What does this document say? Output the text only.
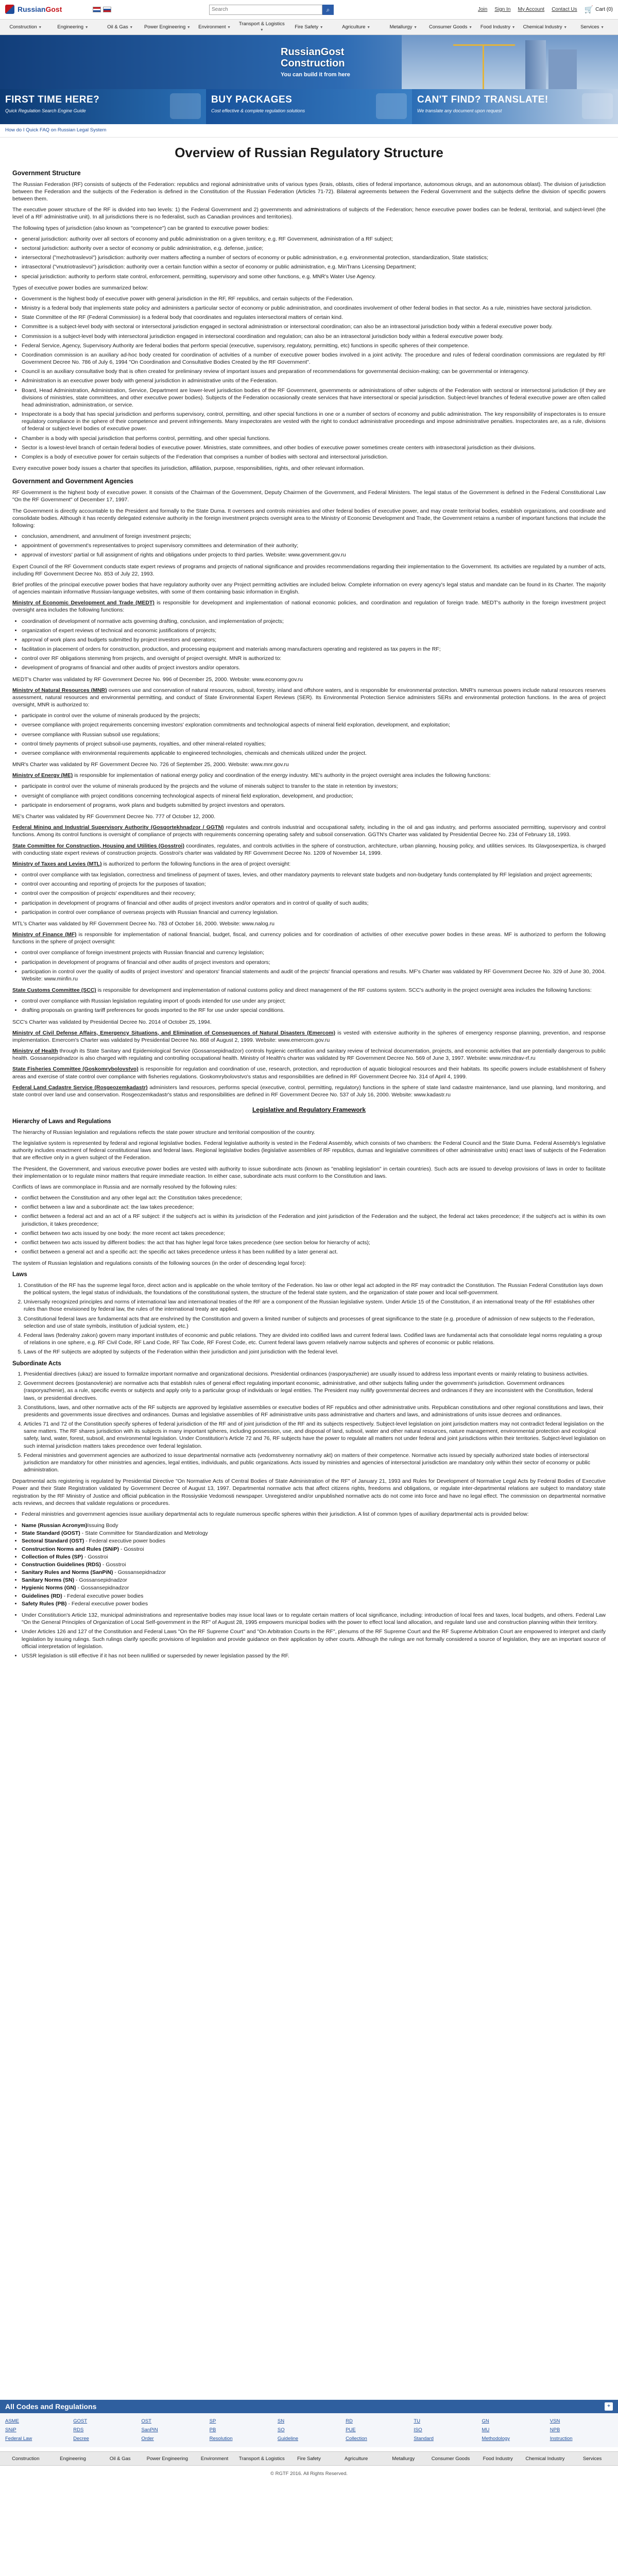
RussianGost
Search	⌕	Join Sign In My Account Contact Us 🛒 Cart (0)
Construction ▼	Engineering ▼	Oil & Gas ▼	Power Engineering ▼	Environment ▼
Transport & Logistics ▼
Fire Safety ▼	Agriculture ▼	Metallurgy ▼	Consumer Goods ▼	Food Industry ▼	Chemical Industry ▼	Services ▼
RussianGost
Construction
You can build it from here
FIRST TIME HERE?
Quick Regulation Search Engine Guide
BUY PACKAGES
Cost effective & complete regulation solutions
CAN'T FIND? TRANSLATE!
We translate any document upon request
How do I Quick FAQ on Russian Legal System
Overview of Russian Regulatory Structure
Government Structure

The Russian Federation (RF) consists of subjects of the Federation: republics and regional administrative units of various types (krais, oblasts, cities of federal importance, autonomous okrugs, and an autonomous oblast). The division of jurisdiction between the Federation and the subjects of the Federation is defined in the Constitution of the Russian Federation (Articles 71-72). Bilateral agreements between the Federal Government and the subjects define the division of specific powers between them.

The executive power structure of the RF is divided into two levels: 1) the Federal Government and 2) governments and administrations of subjects of the Federation; hence executive power bodies can be federal, territorial, and subject-level (the level of a RF administrative unit). In all jurisdictions there is no federalist, such as Canadian provinces and territories).

The following types of jurisdiction (also known as "competence") can be granted to executive power bodies:

• general jurisdiction: authority over all sectors of economy and public administration on a given territory, e.g. RF Government, administration of a RF subject;
• sectoral jurisdiction: authority over a sector of economy or public administration, e.g. defense, justice;
• intersectoral ("mezhotraslevoi") jurisdiction: authority over matters affecting a number of sectors of economy or public administration, e.g. environmental protection, standardization, State statistics;
• intrasectoral ("vnutriotraslevoi") jurisdiction: authority over a certain function within a sector of economy or public administration, e.g. MinTrans Licensing Department;
• special jurisdiction: authority to perform state control, enforcement, permitting, supervisory and some other functions, e.g. MNR's Water Use Agency.

Types of executive power bodies are summarized below:

• Government is the highest body of executive power with general jurisdiction in the RF, RF republics, and certain subjects of the Federation.
• Ministry is a federal body that implements state policy and administers a particular sector of economy or public administration, and coordinates involvement of other federal bodies in that sector. As a rule, ministries have sectoral jurisdiction.
• State Committee of the RF (Federal Commission) is a federal body that coordinates and regulates intersectoral matters of certain kind.
• Committee is a subject-level body with sectoral or intersectoral jurisdiction engaged in sectoral administration or intersectoral coordination; can also be an intrasectoral jurisdiction body within a federal executive power body.
• Commission is a subject-level body with intersectoral jurisdiction engaged in intersectoral coordination and regulation; can also be an intrasectoral jurisdiction body within a federal executive power body.
• Federal Service, Agency, Supervisory Authority are federal bodies that perform special (executive, supervisory, regulatory, permitting, etc) functions in specific spheres of their competence.
• Coordination commission is an auxiliary ad-hoc body created for coordination of activities of a number of executive power bodies involved in a joint activity. The procedure and rules of federal coordination commissions are regulated by RF Government Decree No. 786 of July 6, 1994 "On Coordination and Consultative Bodies Created by the RF Government".
• Council is an auxiliary consultative body that is often created for preliminary review of important issues and preparation of recommendations for governmental decision-making; can be governmental or interagency.
• Administration is an executive power body with general jurisdiction in administrative units of the Federation.
• Board, Head Administration, Administration, Service, Department are lower-level jurisdiction bodies of the RF Government, governments or administrations of other subjects of the Federation with sectoral or intersectoral jurisdiction (if they are divisions of ministries, state committees, and other executive power bodies). Subjects of the Federation occasionally create services that have intersectoral or special jurisdiction. Subject-level branches of federal executive power are often called head administration, administration, or service.
• Inspectorate is a body that has special jurisdiction and performs supervisory, control, permitting, and other special functions in one or a number of sectors of economy and public administration. The key responsibility of inspectorates is to ensure regulatory compliance in the sphere of their competence and prevent infringements. Many inspectorates are vested with the right to conduct administrative proceedings and impose administrative penalties. Inspectorates are, as a rule, divisions of federal or subject-level bodies of executive power.
• Chamber is a body with special jurisdiction that performs control, permitting, and other special functions.
• Sector is a lowest-level branch of certain federal bodies of executive power. Ministries, state committees, and other bodies of executive power sometimes create centers with intrasectoral jurisdiction as their divisions.
• Complex is a body of executive power for certain subjects of the Federation that comprises a number of bodies with sectoral and intersectoral jurisdiction.

Every executive power body issues a charter that specifies its jurisdiction, affiliation, purpose, responsibilities, rights, and other relevant information.

Government and Government Agencies

RF Government is the highest body of executive power. It consists of the Chairman of the Government, Deputy Chairmen of the Government, and Federal Ministers. The legal status of the Government is defined in the Federal Constitutional Law "On the RF Government" of December 17, 1997.

The Government is directly accountable to the President and formally to the State Duma. It oversees and controls ministries and other federal bodies of executive power, and may create territorial bodies, establish organizations, and coordinate and consolidate bodies. Although it has recently delegated extensive authority in the foreign investment projects oversight area to the Ministry of Economic Development and Trade, the Government retains a number of important functions that include the following:

• conclusion, amendment, and annulment of foreign investment projects;
• appointment of government's representatives to project supervisory committees and determination of their authority;
• approval of investors' partial or full assignment of rights and obligations under projects to third parties. Website: www.government.gov.ru

Expert Council of the RF Government conducts state expert reviews of programs and projects of national significance and provides recommendations regarding their implementation to the Government. Its activities are regulated by a number of acts, including RF Government Decree No. 853 of July 22, 1993.

Brief profiles of the principal executive power bodies that have regulatory authority over any Project permitting activities are included below. Complete information on every agency's legal status and mandate can be found in its Charter. The majority of agencies maintain informative Russian-language websites, with some of them containing basic information in English.

Ministry of Economic Development and Trade (MEDT) is responsible for development and implementation of national economic policies, and coordination and regulation of foreign trade. MEDT's authority in the foreign investment project oversight area includes the following functions:

• coordination of development of normative acts governing drafting, conclusion, and implementation of projects;
• organization of expert reviews of technical and economic justifications of projects;
• approval of work plans and budgets submitted by project investors and operators;
• facilitation in placement of orders for construction, production, and processing equipment and materials among manufacturers operating and registered as tax payers in the RF;
• control over RF obligations stemming from projects, and oversight of project oversight. MNR is authorized to:
• development of programs of financial and other audits of project investors and/or operators.

MEDT's Charter was validated by RF Government Decree No. 996 of December 25, 2000. Website: www.economy.gov.ru

Ministry of Natural Resources (MNR) oversees use and conservation of natural resources, subsoil, forestry, inland and offshore waters, and is responsible for environmental protection. MNR's numerous powers include natural resources reserves assessment, natural resources and environmental permitting, and conduct of State Environmental Expert Reviews (SER). Its Environmental Protection Service administers SERs and environmental protection functions. In the area of project oversight, MNR is authorized to:

• participate in control over the volume of minerals produced by the projects;
• oversee compliance with project requirements concerning investors' exploration commitments and technological aspects of mineral field exploration, development, and exploitation;
• oversee compliance with Russian subsoil use regulations;
• control timely payments of project subsoil-use payments, royalties, and other mineral-related royalties;
• oversee compliance with environmental requirements applicable to engineered technologies, chemicals and chemicals utilized under the project.

MNR's Charter was validated by RF Government Decree No. 726 of September 25, 2000. Website: www.mnr.gov.ru

Ministry of Energy (ME) is responsible for implementation of national energy policy and coordination of the energy industry. ME's authority in the project oversight area includes the following functions:

• participate in control over the volume of minerals produced by the projects and the volume of minerals subject to transfer to the state in retention by investors;
• oversight of compliance with project conditions concerning technological aspects of mineral field exploration, development, and production;
• participate in endorsement of programs, work plans and budgets submitted by project investors and operators.

ME's Charter was validated by RF Government Decree No. 777 of October 12, 2000.

Federal Mining and Industrial Supervisory Authority (Gosgortekhnadzor / GGTN) regulates and controls industrial and occupational safety, including in the oil and gas industry, and performs associated permitting, supervisory and control functions. Among its control functions is oversight of compliance of projects with requirements concerning operating safety and subsoil conservation. GGTN's Charter was validated by Presidential Decree No. 234 of February 18, 1993.

State Committee for Construction, Housing and Utilities (Gosstroi) coordinates, regulates, and controls activities in the sphere of construction, architecture, urban planning, housing policy, and utilities services. Its Glavgosexpertiza, is charged with conducting state expert reviews of construction projects. Gosstroi's charter was validated by RF Government Decree No. 1209 of November 14, 1999.

Ministry of Taxes and Levies (MTL) is authorized to perform the following functions in the area of project oversight:

• control over compliance with tax legislation, correctness and timeliness of payment of taxes, levies, and other mandatory payments to relevant state budgets and non-budgetary funds contemplated by RF legislation and project agreements;
• control over accounting and reporting of projects for the purposes of taxation;
• control over the composition of projects' expenditures and their recovery;
• participation in development of programs of financial and other audits of project investors and/or operators and in control of quality of such audits;
• participation in control over compliance of overseas projects with Russian financial and currency legislation.

MTL's Charter was validated by RF Government Decree No. 783 of October 16, 2000. Website: www.nalog.ru

Ministry of Finance (MF) is responsible for implementation of national financial, budget, fiscal, and currency policies and for coordination of activities of other executive power bodies in these areas. MF is authorized to perform the following functions in the sphere of project oversight:

• control over compliance of foreign investment projects with Russian financial and currency legislation;
• participation in development of programs of financial and other audits of project investors and operators;
• participation in control over the quality of audits of project investors' and operators' financial statements and audit of the projects' financial operations and results. MF's Charter was validated by RF Government Decree No. 329 of June 30, 2004. Website: www.minfin.ru

State Customs Committee (SCC) is responsible for development and implementation of national customs policy and direct management of the RF customs system. SCC's authority in the project oversight area includes the following functions:

• control over compliance with Russian legislation regulating import of goods intended for use under any project;
• drafting proposals on granting tariff preferences for goods imported to the RF for use under special conditions.

SCC's Charter was validated by Presidential Decree No. 2014 of October 25, 1994.

Ministry of Civil Defense Affairs, Emergency Situations, and Elimination of Consequences of Natural Disasters (Emercom) is vested with extensive authority in the spheres of emergency response planning, prevention, and response implementation. Emercom's Charter was validated by Presidential Decree No. 868 of August 2, 1999. Website: www.emercom.gov.ru

Ministry of Health through its State Sanitary and Epidemiological Service (Gossansepidnadzor) controls hygienic certification and sanitary review of technical documentation, projects, and economic activities that are potentially dangerous to public health. Gossansepidnadzor is also charged with regulating and controlling occupational health. Ministry of Health's charter was validated by RF Government Decree No. 569 of June 3, 1997. Website: www.minzdrav-rf.ru

State Fisheries Committee (Goskomrybolovstvo) is responsible for regulation and coordination of use, research, protection, and reproduction of aquatic biological resources and their habitats. Its specific powers include establishment of fishery areas and exercise of state control over compliance with fisheries regulations. Goskomrybolovstvo's status and responsibilities are defined in RF Government Decree No. 314 of April 4, 1999.

Federal Land Cadastre Service (Rosgeozemkadastr) administers land resources, performs special (executive, control, permitting, regulatory) functions in the sphere of state land cadastre maintenance, land use planning, land monitoring, and state control over land use and conservation. Rosgeozemkadastr's status and responsibilities are defined in RF Government Decree No. 537 of July 16, 2000. Website: www.kadastr.ru

Legislative and Regulatory Framework
Hierarchy of Laws and Regulations

The hierarchy of Russian legislation and regulations reflects the state power structure and territorial composition of the country.

The legislative system is represented by federal and regional legislative bodies. Federal legislative authority is vested in the Federal Assembly, which consists of two chambers: the Federal Council and the State Duma. Federal Assembly's legislative authority includes enactment of federal constitutional laws and federal laws. Regional legislative bodies (legislative assemblies of RF republics, dumas and legislative committees of other administrative units) enact laws of subjects of the Federation that are effective only in a given subject of the Federation.

The President, the Government, and various executive power bodies are vested with authority to issue subordinate acts (known as "enabling legislation" in certain countries). Such acts are issued to develop provisions of laws in order to facilitate their implementation or to regulate minor matters that require immediate reaction. In either case, subordinate acts must conform to the Constitution and laws.

Conflicts of laws are commonplace in Russia and are normally resolved by the following rules:

• conflict between the Constitution and any other legal act: the Constitution takes precedence;
• conflict between a law and a subordinate act: the law takes precedence;
• conflict between a federal act and an act of a RF subject: if the subject's act is within its jurisdiction of the Federation and joint jurisdiction of the Federation and the subject, the federal act takes precedence; if the subject's act is within its own jurisdiction, it takes precedence;
• conflict between two acts issued by one body: the more recent act takes precedence;
• conflict between two acts issued by different bodies: the act that has higher legal force takes precedence (see section below for hierarchy of acts);
• conflict between a general act and a specific act: the specific act takes precedence unless it has been nullified by a later general act.

The system of Russian legislation and regulations consists of the following sources (in the order of descending legal force):

Laws
1. Constitution of the RF has the supreme legal force, direct action and is applicable on the whole territory of the Federation. No law or other legal act adopted in the RF may contradict the Constitution. The Russian Federal Constitution lays down the political system, the legal status of individuals, the foundations of the constitutional system, the structure of the federal state system, and the organization of state power and local self-government.
2. Universally recognized principles and norms of international law and international treaties of the RF are a component of the Russian legislative system. Under Article 15 of the Constitution, if an international treaty of the RF establishes other rules than those envisioned by federal law, the rules of the international treaty are applied.
3. Constitutional federal laws are fundamental acts that are enshrined by the Constitution and govern a limited number of subjects and processes of great significance to the state (e.g. procedure of admission of new subjects to the Federation, selection and use of state symbols, institution of judicial system, etc.)
4. Federal laws (federalny zakon) govern many important institutes of economic and public relations. They are divided into codified laws and current federal laws. Codified laws are fundamental acts that consolidate legal norms regulating a group of relations in one sphere, e.g. RF Civil Code, RF Land Code, RF Tax Code, RF Forest Code, etc. Current federal laws govern relatively narrow subjects and spheres of economic or public relations.
5. Laws of the RF subjects are adopted by subjects of the Federation within their jurisdiction and joint jurisdiction with the federal level.
Subordinate Acts
1. Presidential directives (ukaz) are issued to formalize important normative and organizational decisions. Presidential ordinances (rasporyazhenie) are usually issued to address less important events or mainly relating to business activities.
2. Government decrees (postanovlenie) are normative acts that establish rules of general effect regulating important economic, administrative, and other subjects falling under the government's jurisdiction. Government ordinances (rasporyazhenie), as a rule, specific events or subjects and apply only to a particular group of individuals or legal entities. The President may nullify governmental decrees and ordinances if they are inconsistent with the Constitution, federal laws, or presidential directives.
3. Constitutions, laws, and other normative acts of the RF subjects are approved by legislative assemblies or executive bodies of RF republics and other administrative units. Republican constitutions and other regional constitutions and laws, their presidents and governments issue directives and ordinances. Dumas and legislative assemblies of RF administrative units pass administrative and charters and laws, and administrations of units issue decrees and ordinances.
4. Articles 71 and 72 of the Constitution specify spheres of federal jurisdiction of the RF and of joint jurisdiction of the RF and its subjects respectively. Subject-level legislation on joint jurisdiction matters may not contradict federal legislation on the same matters. The RF shares jurisdiction with its subjects in many important spheres, including possession, use, and disposal of land, subsoil, water and other natural resources, nature management, environmental protection and ecological safety, land, water, forest, subsoil, and environmental legislation. Under Constitution's Article 72 and 76, RF subjects have the power to regulate all matters not under federal and joint jurisdictions within their territories. Subject-level legislation on such internal jurisdiction matters takes precedence over federal legislation.
5. Federal ministries and government agencies are authorized to issue departmental normative acts (vedomstvenny normativny akt) on matters of their competence. Normative acts issued by specially authorized state bodies of intersectoral jurisdiction are mandatory for other ministries and agencies, legal entities, individuals, and public organizations. Acts issued by ministries and agencies of intersectoral jurisdiction are mandatory only within their sector of economy or public administration.

Departmental acts registering is regulated by Presidential Directive "On Normative Acts of Central Bodies of State Administration of the RF" of January 21, 1993 and Rules for Development of Normative Legal Acts by Federal Bodies of Executive Power and their State Registration validated by Government Decree of August 13, 1997. Departmental normative acts that affect citizens rights, freedoms and obligations, or regulate inter-departmental relations are subject to mandatory state registration by the RF Ministry of Justice and official publication in the Rossiyskie Vedomosti newspaper. Unregistered and/or unpublished normative acts do not come into force and have no legal effect. The commission on departmental normative acts reviews, and decrees that validate regulations or procedures.

• Federal ministries and government agencies issue auxiliary departmental acts to regulate numerous specific spheres within their jurisdiction. A list of common types of auxiliary departmental acts is provided below:
• Name (Russian Acronym)Issuing Body
• State Standard (GOST) - State Committee for Standardization and Metrology
• Sectoral Standard (OST) - Federal executive power bodies
• Construction Norms and Rules (SNiP) - Gosstroi
• Collection of Rules (SP) - Gosstroi
• Construction Guidelines (RDS) - Gosstroi
• Sanitary Rules and Norms (SanPiN) - Gossansepidnadzor
• Sanitary Norms (SN) - Gossansepidnadzor
• Hygienic Norms (GN) - Gossansepidnadzor
• Guidelines (RD) - Federal executive power bodies
• Safety Rules (PB) - Federal executive power bodies
• Under Constitution's Article 132, municipal administrations and representative bodies may issue local laws or to regulate certain matters of local significance, including: introduction of local fees and taxes, local budgets, and others. Federal Law "On the General Principles of Organization of Local Self-government in the RF" of August 28, 1995 empowers municipal bodies with the power to effect local land allocation, and regulate land use and construction planning within their territory.
• Under Articles 126 and 127 of the Constitution and Federal Laws "On the RF Supreme Court" and "On Arbitration Courts in the RF", plenums of the RF Supreme Court and the RF Supreme Arbitration Court are empowered to interpret and clarify legislation by issuing rulings. Such rulings clarify specific provisions of legislation and provide guidance on their application by other courts. Although the rulings are not formally considered a source of legislation, they are an important source of official interpretation of legislation.
• USSR legislation is still effective if it has not been nullified or superseded by newer legislation passed by the RF.
All Codes and Regulations	+
ASME	GOST	OST	SP	SN	RD	TU	GN	VSN
SNiP	RDS	SanPiN	PB	SO	PUE	ISO	MU	NPB
Federal Law	Decree	Order	Resolution	Guideline	Collection	Standard	Methodology	Instruction
Construction	Engineering	Oil & Gas	Power Engineering	Environment	Transport & Logistics	Fire Safety	Agriculture	Metallurgy	Consumer Goods	Food Industry	Chemical Industry	Services
© RGTF 2016. All Rights Reserved.
